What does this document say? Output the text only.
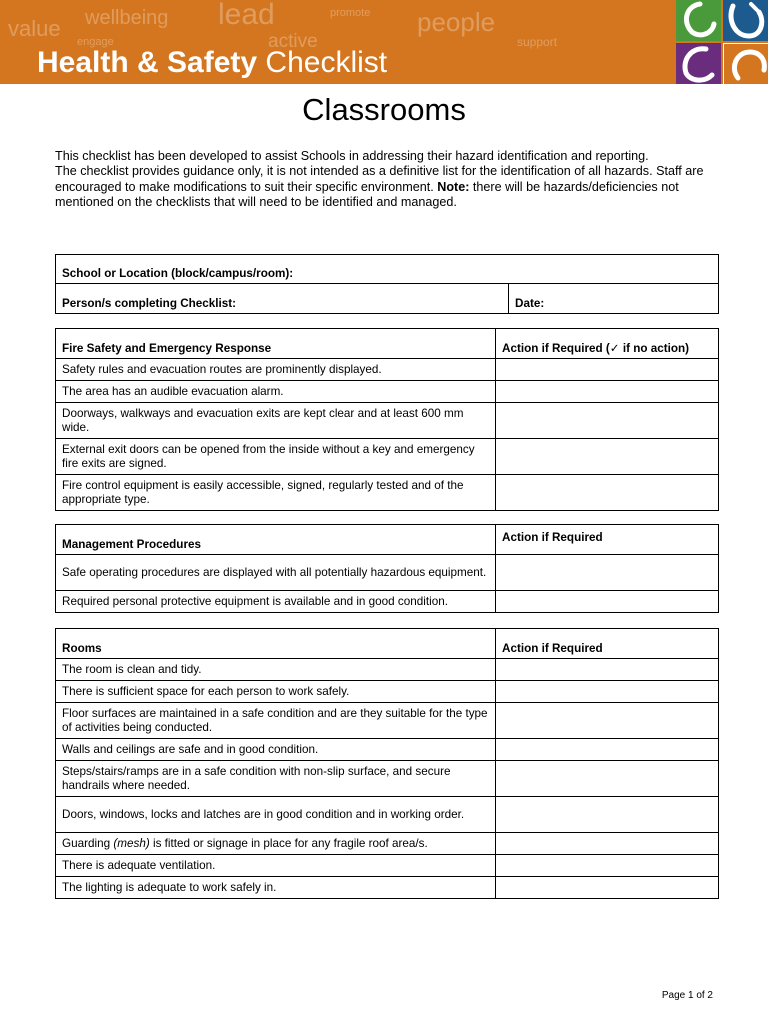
value wellbeing lead	promote people
engage	active	support
Health & Safety Checklist
Classrooms

This checklist has been developed to assist Schools in addressing their hazard identification and reporting.

The checklist provides guidance only, it is not intended as a definitive list for the identification of all hazards. Staff are encouraged to make modifications to suit their specific environment. Note: there will be hazards/deficiencies not mentioned on the checklists that will need to be identified and managed.

School or Location (block/campus/room):
Person/s completing Checklist:	Date:
Fire Safety and Emergency Response	Action if Required (✓ if no action)
Safety rules and evacuation routes are prominently displayed.	
The area has an audible evacuation alarm.	
Doorways, walkways and evacuation exits are kept clear and at least 600 mm wide.	
External exit doors can be opened from the inside without a key and emergency fire exits are signed.	
Fire control equipment is easily accessible, signed, regularly tested and of the appropriate type.	
Management Procedures	Action if Required
Safe operating procedures are displayed with all potentially hazardous equipment.	
Required personal protective equipment is available and in good condition.	
Rooms	Action if Required
The room is clean and tidy.	
There is sufficient space for each person to work safely.	
Floor surfaces are maintained in a safe condition and are they suitable for the type of activities being conducted.	
Walls and ceilings are safe and in good condition.	
Steps/stairs/ramps are in a safe condition with non-slip surface, and secure handrails where needed.	
Doors, windows, locks and latches are in good condition and in working order.	
Guarding (mesh) is fitted or signage in place for any fragile roof area/s.	
There is adequate ventilation.	
The lighting is adequate to work safely in.	
Page 1 of 2
